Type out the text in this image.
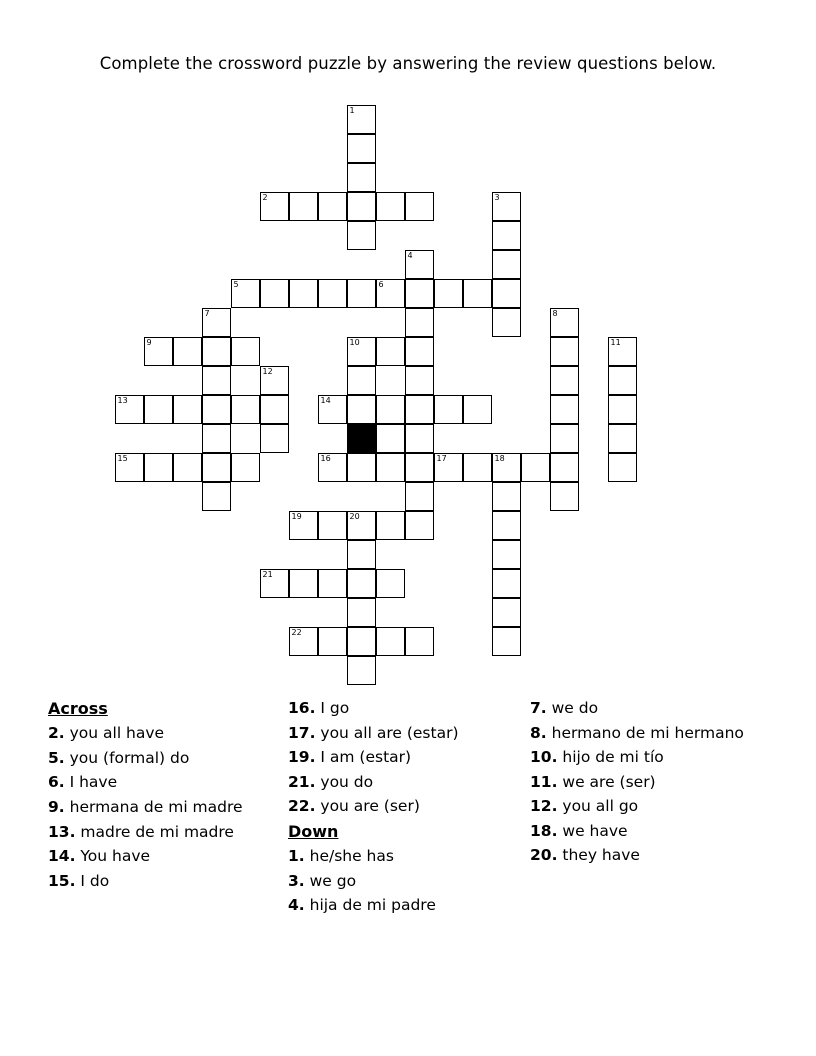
Complete the crossword puzzle by answering the review questions below.
1
2	3
4
5	6
7	8
9	10	11
12
13	14
15	16	17	18
19	20
21
22
Across
2. you all have
5. you (formal) do
6. I have
9. hermana de mi madre
13. madre de mi madre
14. You have
15. I do
16. I go
17. you all are (estar)
19. I am (estar)
21. you do
22. you are (ser)
Down
1. he/she has
3. we go
4. hija de mi padre
7. we do
8. hermano de mi hermano
10. hijo de mi tío
11. we are (ser)
12. you all go
18. we have
20. they have
